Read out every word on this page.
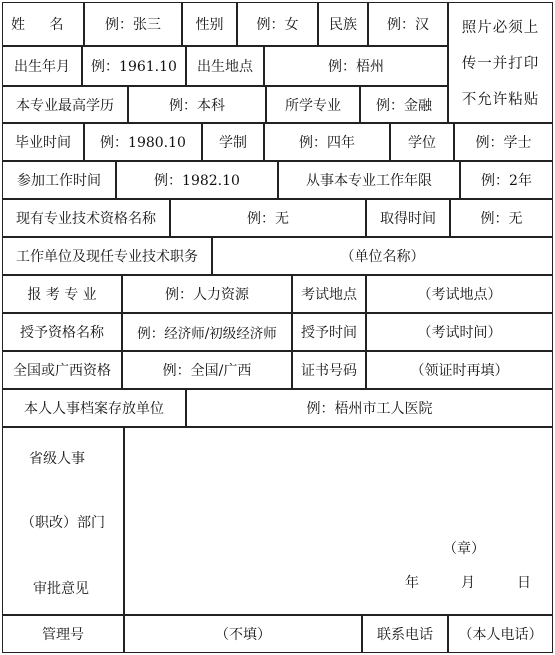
姓 名	例：张三	性别	例：女	民族	例：汉	照片必须上
传一并打印
不允许粘贴
出生年月	例：1961.10	出生地点	例：梧州
本专业最高学历	例：本科	所学专业	例：金融
毕业时间	例：1980.10	学制	例：四年	学位	例：学士
参加工作时间	例：1982.10	从事本专业工作年限	例：2年
现有专业技术资格名称	例：无	取得时间	例：无
工作单位及现任专业技术职务	（单位名称）
报 考 专 业	例：人力资源	考试地点	（考试地点）
授予资格名称	例：经济师/初级经济师	授予时间	（考试时间）
全国或广西资格	例：全国/广西	证书号码	（领证时再填）
本人人事档案存放单位	例：梧州市工人医院
省级人事
（职改）部门
审批意见
（章）
年	月	日
管理号	（不填）	联系电话	（本人电话）
